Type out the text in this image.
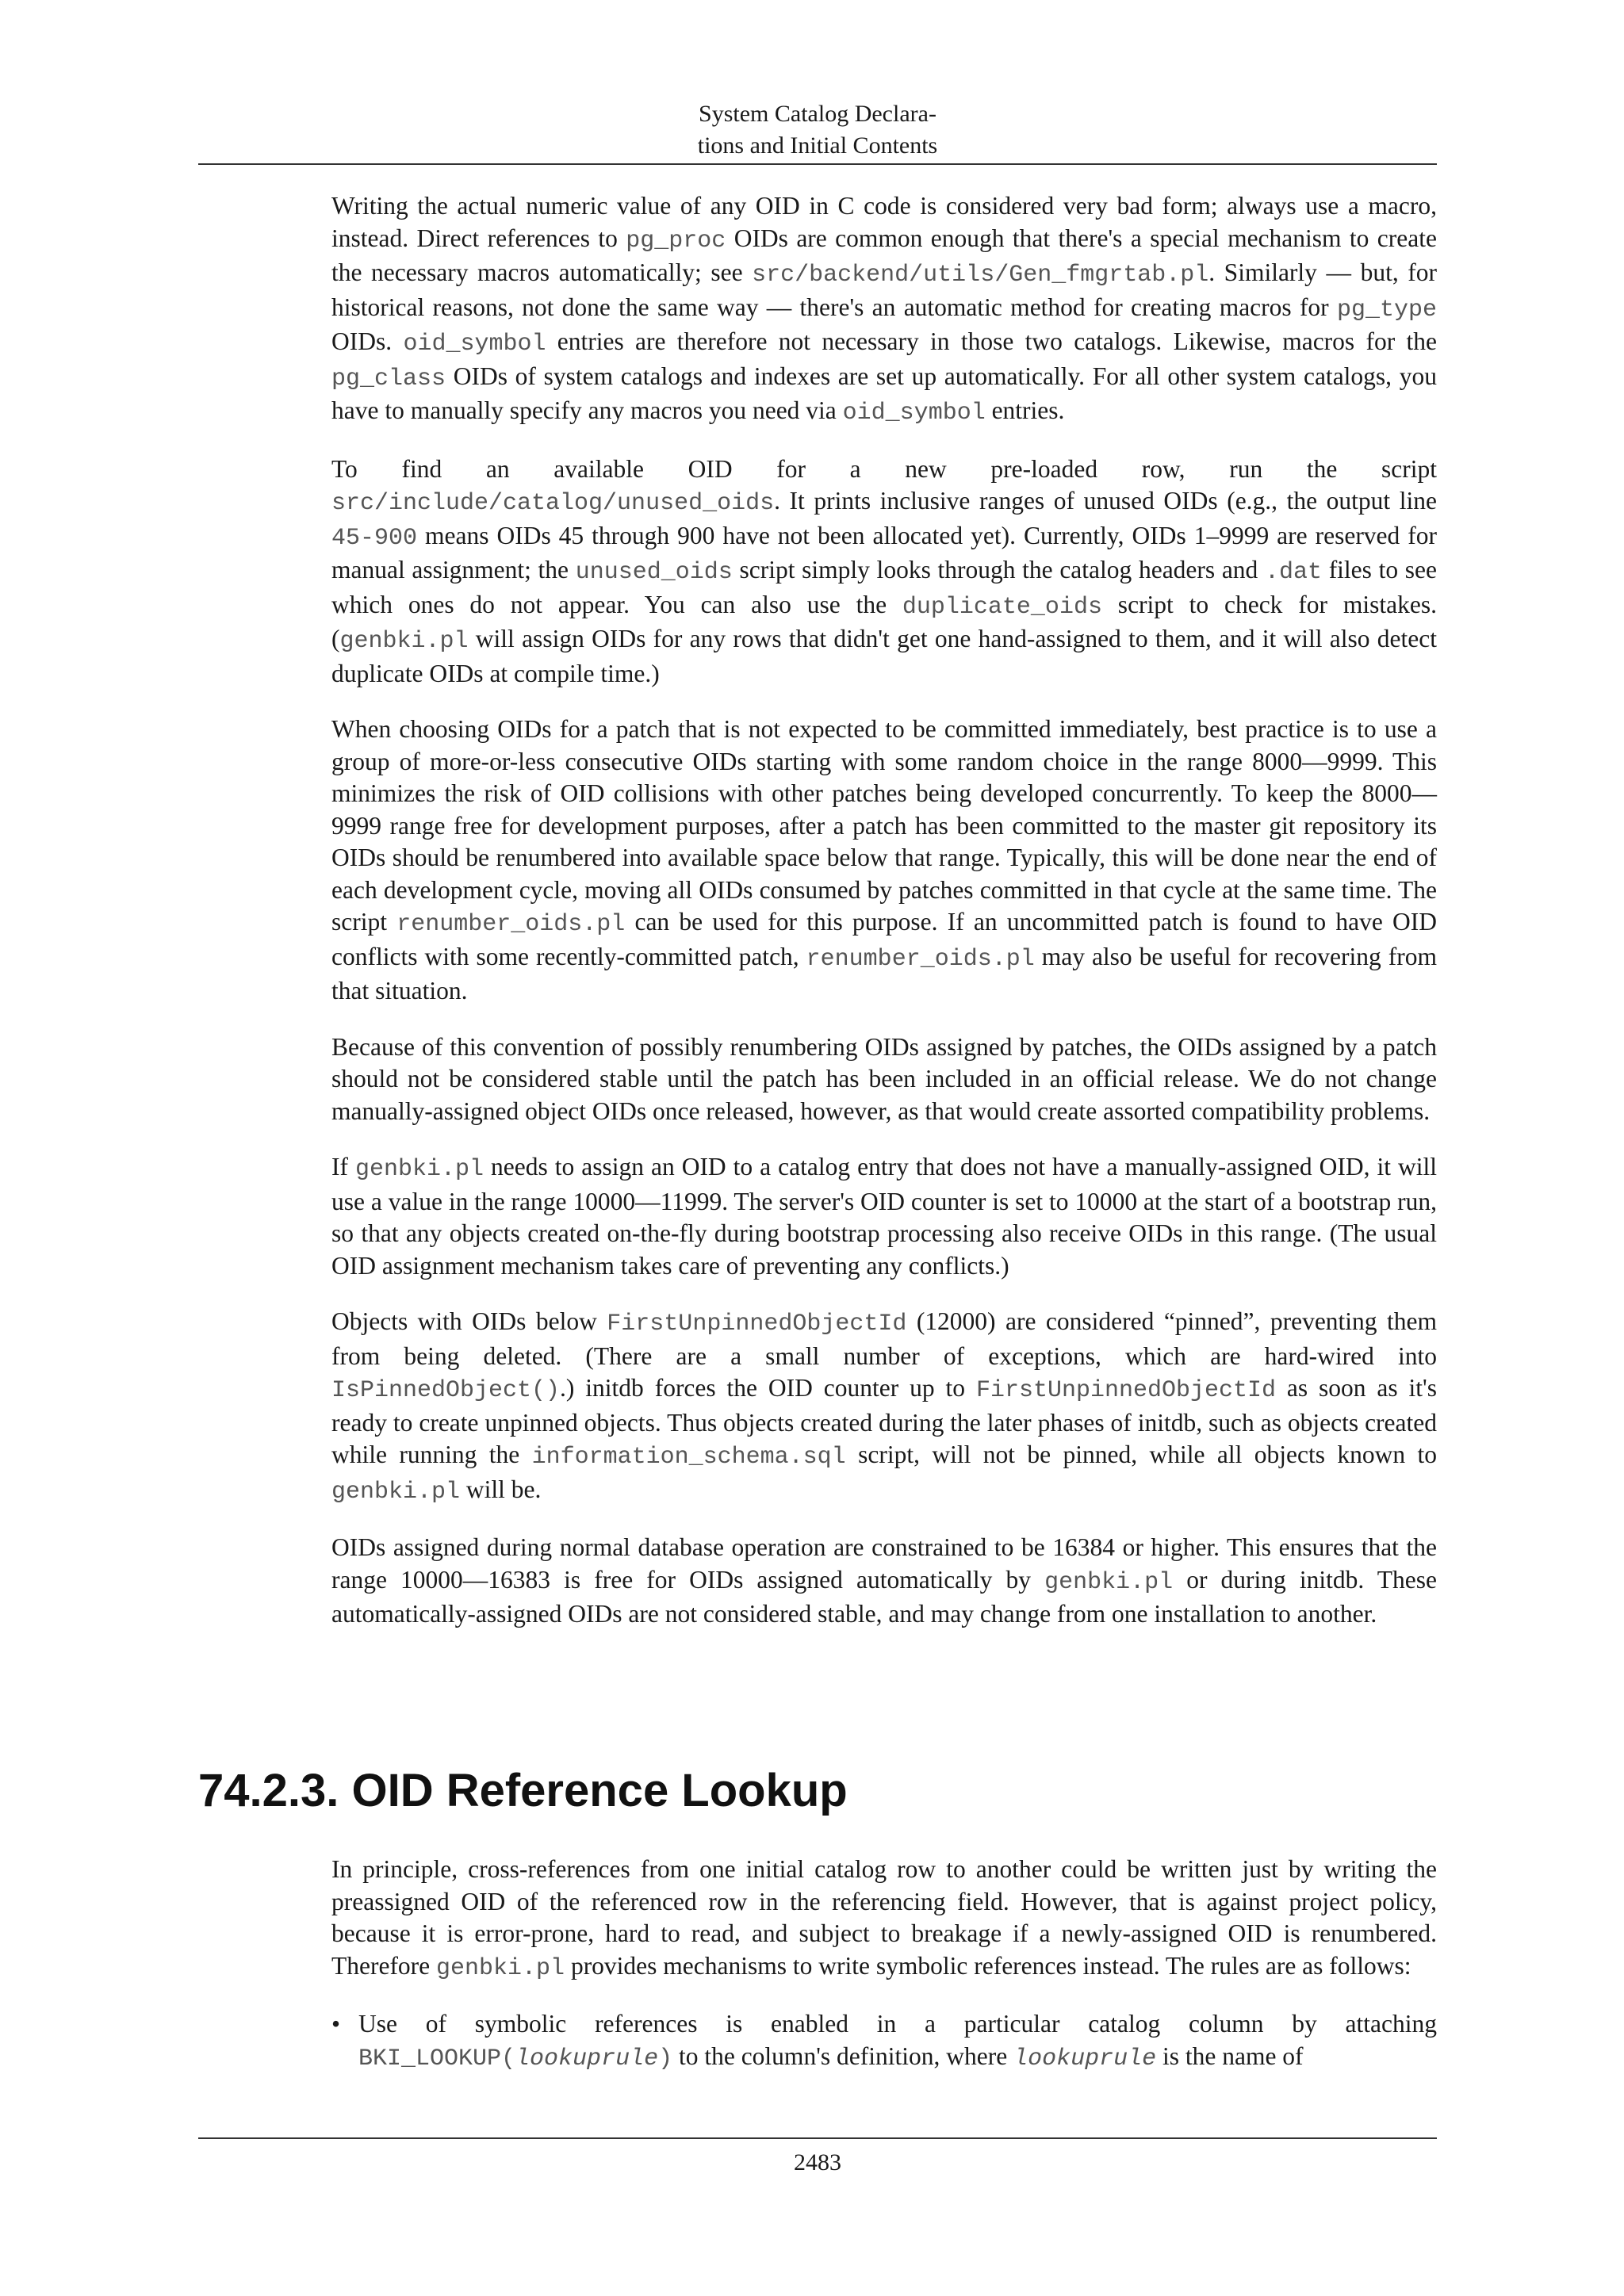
System Catalog Declara-
tions and Initial Contents

Writing the actual numeric value of any OID in C code is considered very bad form; always use a macro, instead. Direct references to pg_proc OIDs are common enough that there's a special mechanism to create the necessary macros automatically; see src/backend/utils/Gen_fmgrtab.pl. Similarly — but, for historical reasons, not done the same way — there's an automatic method for creating macros for pg_type OIDs. oid_symbol entries are therefore not necessary in those two catalogs. Likewise, macros for the pg_class OIDs of system catalogs and indexes are set up automatically. For all other system catalogs, you have to manually specify any macros you need via oid_symbol entries.

To find an available OID for a new pre-loaded row, run the script src/include/catalog/unused_oids. It prints inclusive ranges of unused OIDs (e.g., the output line 45-900 means OIDs 45 through 900 have not been allocated yet). Currently, OIDs 1–9999 are reserved for manual assignment; the unused_oids script simply looks through the catalog headers and .dat files to see which ones do not appear. You can also use the duplicate_oids script to check for mistakes. (genbki.pl will assign OIDs for any rows that didn't get one hand-assigned to them, and it will also detect duplicate OIDs at compile time.)

When choosing OIDs for a patch that is not expected to be committed immediately, best practice is to use a group of more-or-less consecutive OIDs starting with some random choice in the range 8000—9999. This minimizes the risk of OID collisions with other patches being developed concurrently. To keep the 8000—9999 range free for development purposes, after a patch has been committed to the master git repository its OIDs should be renumbered into available space below that range. Typically, this will be done near the end of each development cycle, moving all OIDs consumed by patches committed in that cycle at the same time. The script renumber_oids.pl can be used for this purpose. If an uncommitted patch is found to have OID conflicts with some recently-committed patch, renumber_oids.pl may also be useful for recovering from that situation.

Because of this convention of possibly renumbering OIDs assigned by patches, the OIDs assigned by a patch should not be considered stable until the patch has been included in an official release. We do not change manually-assigned object OIDs once released, however, as that would create assorted compatibility problems.

If genbki.pl needs to assign an OID to a catalog entry that does not have a manually-assigned OID, it will use a value in the range 10000—11999. The server's OID counter is set to 10000 at the start of a bootstrap run, so that any objects created on-the-fly during bootstrap processing also receive OIDs in this range. (The usual OID assignment mechanism takes care of preventing any conflicts.)

Objects with OIDs below FirstUnpinnedObjectId (12000) are considered “pinned”, preventing them from being deleted. (There are a small number of exceptions, which are hard-wired into IsPinnedObject().) initdb forces the OID counter up to FirstUnpinnedObjectId as soon as it's ready to create unpinned objects. Thus objects created during the later phases of initdb, such as objects created while running the information_schema.sql script, will not be pinned, while all objects known to genbki.pl will be.

OIDs assigned during normal database operation are constrained to be 16384 or higher. This ensures that the range 10000—16383 is free for OIDs assigned automatically by genbki.pl or during initdb. These automatically-assigned OIDs are not considered stable, and may change from one installation to another.

74.2.3. OID Reference Lookup

In principle, cross-references from one initial catalog row to another could be written just by writing the preassigned OID of the referenced row in the referencing field. However, that is against project policy, because it is error-prone, hard to read, and subject to breakage if a newly-assigned OID is renumbered. Therefore genbki.pl provides mechanisms to write symbolic references instead. The rules are as follows:

• Use of symbolic references is enabled in a particular catalog column by attaching BKI_LOOKUP(lookuprule) to the column's definition, where lookuprule is the name of
2483
